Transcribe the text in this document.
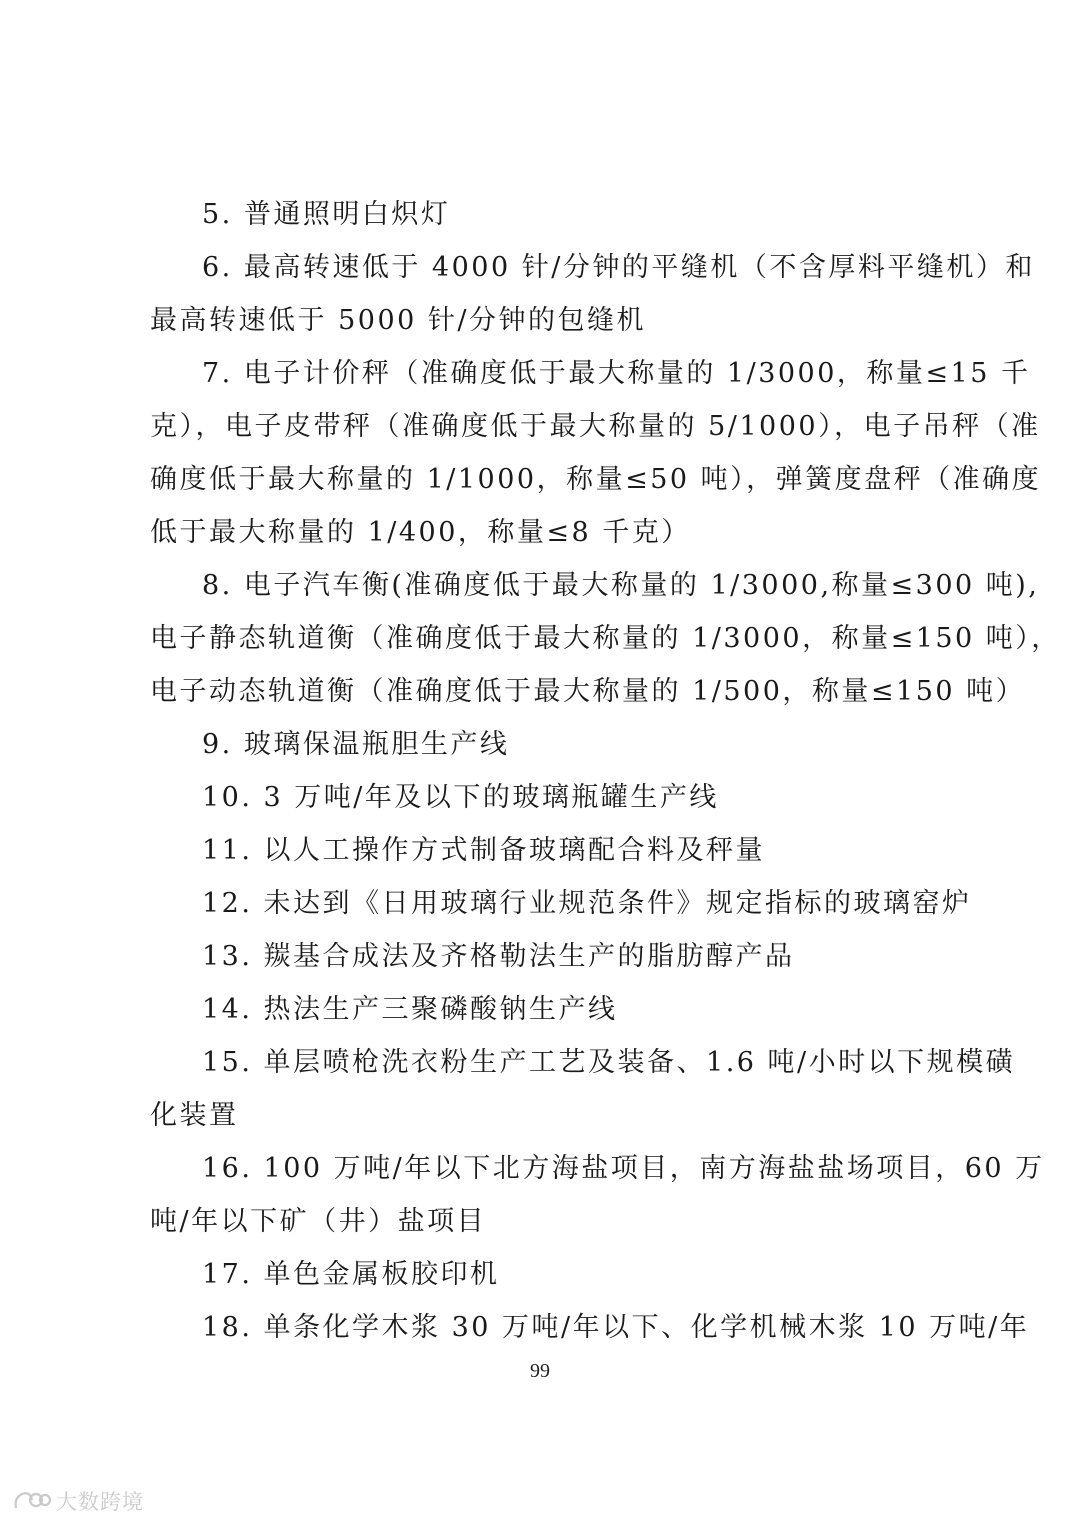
5. 普通照明白炽灯
6. 最高转速低于 4000 针/分钟的平缝机（不含厚料平缝机）和
最高转速低于 5000 针/分钟的包缝机
7. 电子计价秤（准确度低于最大称量的 1/3000，称量≤15 千
克），电子皮带秤（准确度低于最大称量的 5/1000），电子吊秤（准
确度低于最大称量的 1/1000，称量≤50 吨），弹簧度盘秤（准确度
低于最大称量的 1/400，称量≤8 千克）
8. 电子汽车衡(准确度低于最大称量的 1/3000,称量≤300 吨),
电子静态轨道衡（准确度低于最大称量的 1/3000，称量≤150 吨），
电子动态轨道衡（准确度低于最大称量的 1/500，称量≤150 吨）
9. 玻璃保温瓶胆生产线
10. 3 万吨/年及以下的玻璃瓶罐生产线
11. 以人工操作方式制备玻璃配合料及秤量
12. 未达到《日用玻璃行业规范条件》规定指标的玻璃窑炉
13. 羰基合成法及齐格勒法生产的脂肪醇产品
14. 热法生产三聚磷酸钠生产线
15. 单层喷枪洗衣粉生产工艺及装备、1.6 吨/小时以下规模磺
化装置
16. 100 万吨/年以下北方海盐项目，南方海盐盐场项目，60 万
吨/年以下矿（井）盐项目
17. 单色金属板胶印机
18. 单条化学木浆 30 万吨/年以下、化学机械木浆 10 万吨/年
99
大数跨境
